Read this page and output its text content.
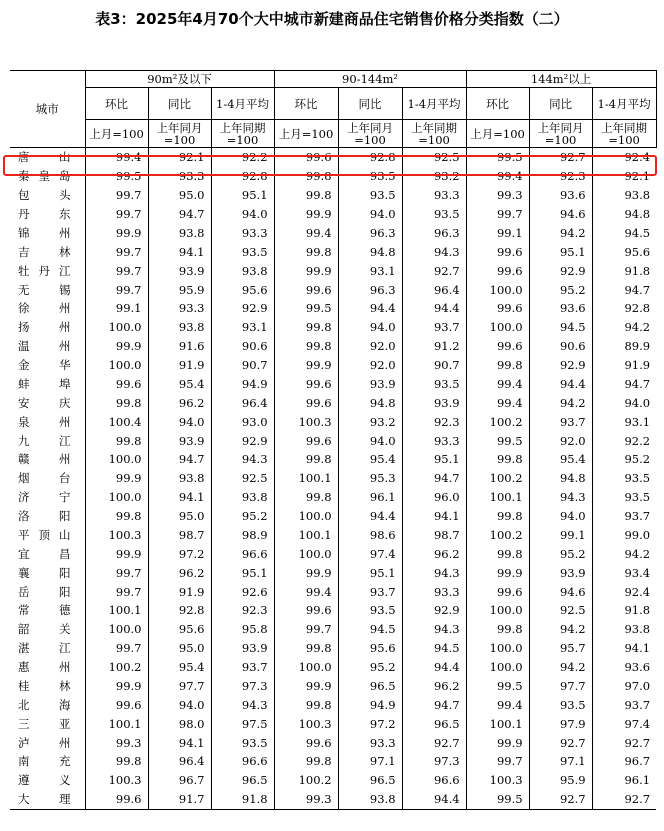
表3：2025年4月70个大中城市新建商品住宅销售价格分类指数（二）
城市	90m²及以下			90-144m²			144m²以上		
	环比	同比	1-4月平均	环比	同比	1-4月平均	环比	同比	1-4月平均
	上月=100	上年同月=100	上年同期=100	上月=100	上年同月=100	上年同期=100	上月=100	上年同月=100	上年同期=100
唐山	99.4	92.1	92.2	99.6	92.8	92.5	99.5	92.7	92.4
秦皇岛	99.5	93.3	92.8	99.8	93.5	93.2	99.4	92.3	92.1
包头	99.7	95.0	95.1	99.8	93.5	93.3	99.3	93.6	93.8
丹东	99.7	94.7	94.0	99.9	94.0	93.5	99.7	94.6	94.8
锦州	99.9	93.8	93.3	99.4	96.3	96.3	99.1	94.2	94.5
吉林	99.7	94.1	93.5	99.8	94.8	94.3	99.6	95.1	95.6
牡丹江	99.7	93.9	93.8	99.9	93.1	92.7	99.6	92.9	91.8
无锡	99.7	95.9	95.6	99.6	96.3	96.4	100.0	95.2	94.7
徐州	99.1	93.3	92.9	99.5	94.4	94.4	99.6	93.6	92.8
扬州	100.0	93.8	93.1	99.8	94.0	93.7	100.0	94.5	94.2
温州	99.9	91.6	90.6	99.8	92.0	91.2	99.6	90.6	89.9
金华	100.0	91.9	90.7	99.9	92.0	90.7	99.8	92.9	91.9
蚌埠	99.6	95.4	94.9	99.6	93.9	93.5	99.4	94.4	94.7
安庆	99.8	96.2	96.4	99.6	94.8	93.9	99.4	94.2	94.0
泉州	100.4	94.0	93.0	100.3	93.2	92.3	100.2	93.7	93.1
九江	99.8	93.9	92.9	99.6	94.0	93.3	99.5	92.0	92.2
赣州	100.0	94.7	94.3	99.8	95.4	95.1	99.8	95.4	95.2
烟台	99.9	93.8	92.5	100.1	95.3	94.7	100.2	94.8	93.5
济宁	100.0	94.1	93.8	99.8	96.1	96.0	100.1	94.3	93.5
洛阳	99.8	95.0	95.2	100.0	94.4	94.1	99.8	94.0	93.7
平顶山	100.3	98.7	98.9	100.1	98.6	98.7	100.2	99.1	99.0
宜昌	99.9	97.2	96.6	100.0	97.4	96.2	99.8	95.2	94.2
襄阳	99.7	96.2	95.1	99.9	95.1	94.3	99.9	93.9	93.4
岳阳	99.7	91.9	92.6	99.4	93.7	93.3	99.6	94.6	92.4
常德	100.1	92.8	92.3	99.6	93.5	92.9	100.0	92.5	91.8
韶关	100.0	95.6	95.8	99.7	94.5	94.3	99.8	94.2	93.8
湛江	99.7	95.0	93.9	99.8	95.6	94.5	100.0	95.7	94.1
惠州	100.2	95.4	93.7	100.0	95.2	94.4	100.0	94.2	93.6
桂林	99.9	97.7	97.3	99.9	96.5	96.2	99.5	97.7	97.0
北海	99.6	94.0	94.3	99.8	94.9	94.7	99.4	93.5	93.7
三亚	100.1	98.0	97.5	100.3	97.2	96.5	100.1	97.9	97.4
泸州	99.3	94.1	93.5	99.6	93.3	92.7	99.9	92.7	92.7
南充	99.8	96.4	96.6	99.8	97.1	97.3	99.7	97.1	96.7
遵义	100.3	96.7	96.5	100.2	96.5	96.6	100.3	95.9	96.1
大理	99.6	91.7	91.8	99.3	93.8	94.4	99.5	92.7	92.7
